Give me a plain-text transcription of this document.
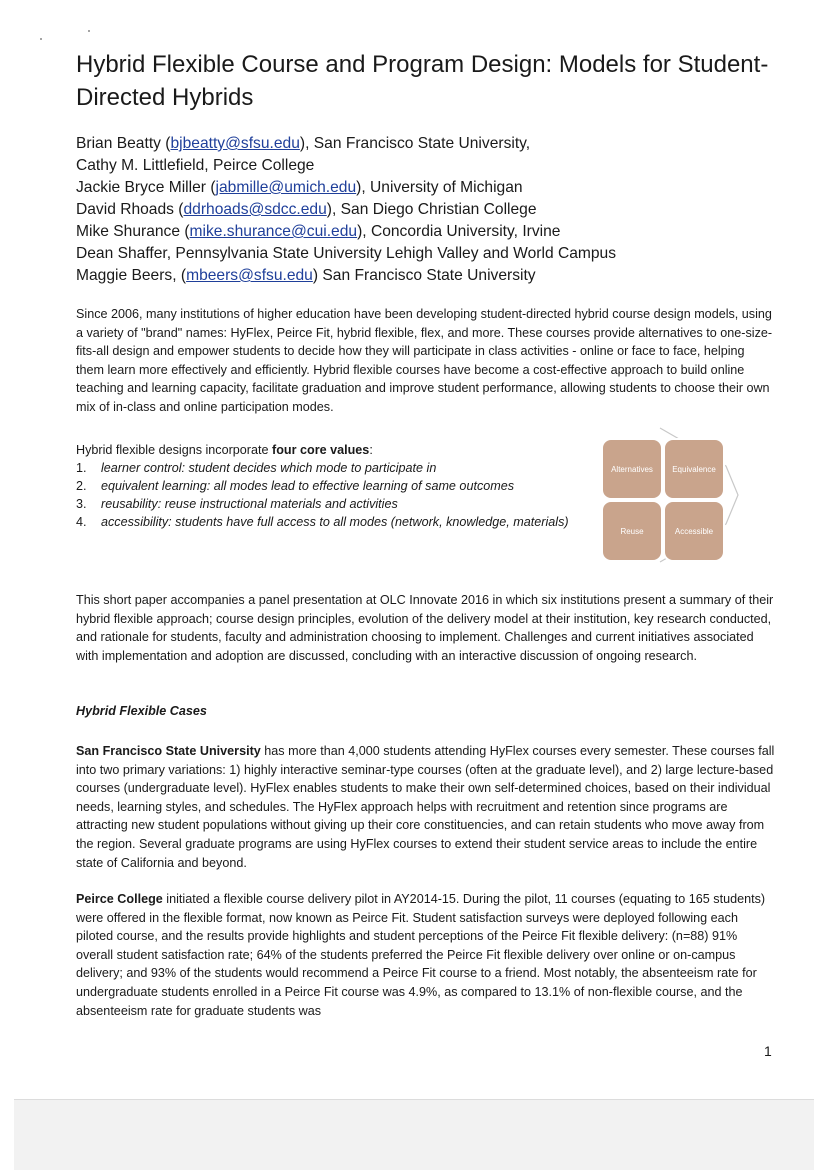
Hybrid Flexible Course and Program Design: Models for Student-Directed Hybrids
Brian Beatty (bjbeatty@sfsu.edu), San Francisco State University,
Cathy M. Littlefield, Peirce College
Jackie Bryce Miller (jabmille@umich.edu), University of Michigan
David Rhoads (ddrhoads@sdcc.edu), San Diego Christian College
Mike Shurance (mike.shurance@cui.edu), Concordia University, Irvine
Dean Shaffer, Pennsylvania State University Lehigh Valley and World Campus
Maggie Beers, (mbeers@sfsu.edu) San Francisco State University

Since 2006, many institutions of higher education have been developing student-directed hybrid course design models, using a variety of "brand" names: HyFlex, Peirce Fit, hybrid flexible, flex, and more. These courses provide alternatives to one-size-fits-all design and empower students to decide how they will participate in class activities - online or face to face, helping them learn more effectively and efficiently. Hybrid flexible courses have become a cost-effective approach to build online teaching and learning capacity, facilitate graduation and improve student performance, allowing students to choose their own mix of in-class and online participation modes.

Hybrid flexible designs incorporate four core values:
1. learner control: student decides which mode to participate in
2. equivalent learning: all modes lead to effective learning of same outcomes
3. reusability: reuse instructional materials and activities
4. accessibility: students have full access to all modes (network, knowledge, materials)
Alternatives Equivalence
Reuse	Accessible

This short paper accompanies a panel presentation at OLC Innovate 2016 in which six institutions present a summary of their hybrid flexible approach; course design principles, evolution of the delivery model at their institution, key research conducted, and rationale for students, faculty and administration choosing to implement. Challenges and current initiatives associated with implementation and adoption are discussed, concluding with an interactive discussion of ongoing research.

Hybrid Flexible Cases

San Francisco State University has more than 4,000 students attending HyFlex courses every semester. These courses fall into two primary variations: 1) highly interactive seminar-type courses (often at the graduate level), and 2) large lecture-based courses (undergraduate level). HyFlex enables students to make their own self-determined choices, based on their individual needs, learning styles, and schedules. The HyFlex approach helps with recruitment and retention since programs are attracting new student populations without giving up their core constituencies, and can retain students who move away from the region. Several graduate programs are using HyFlex courses to extend their student service areas to include the entire state of California and beyond.

Peirce College initiated a flexible course delivery pilot in AY2014-15. During the pilot, 11 courses (equating to 165 students) were offered in the flexible format, now known as Peirce Fit. Student satisfaction surveys were deployed following each piloted course, and the results provide highlights and student perceptions of the Peirce Fit flexible delivery: (n=88) 91% overall student satisfaction rate; 64% of the students preferred the Peirce Fit flexible delivery over online or on-campus delivery; and 93% of the students would recommend a Peirce Fit course to a friend. Most notably, the absenteeism rate for undergraduate students enrolled in a Peirce Fit course was 4.9%, as compared to 13.1% of non-flexible course, and the absenteeism rate for graduate students was

1
